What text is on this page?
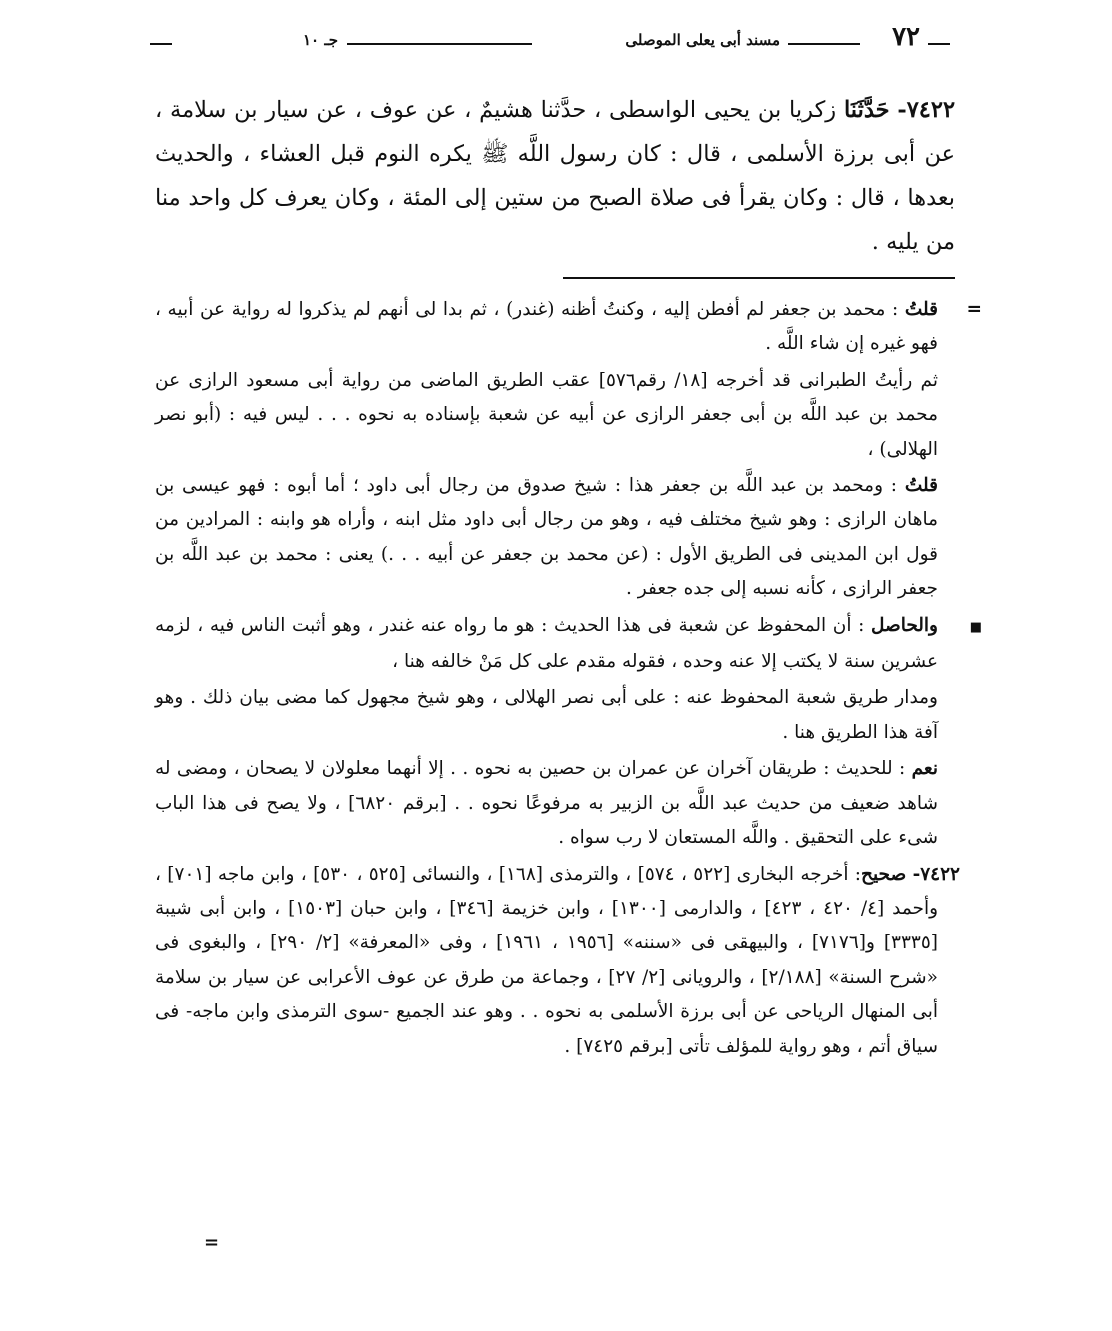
٧٢
مسند أبى يعلى الموصلى
جـ ١٠
٧٤٢٢- حَدَّثَنَا زكريا بن يحيى الواسطى ، حدَّثنا هشيمٌ ، عن عوف ، عن سيار بن سلامة ، عن أبى برزة الأسلمى ، قال : كان رسول اللَّه ﷺ يكره النوم قبل العشاء ، والحديث بعدها ، قال : وكان يقرأ فى صلاة الصبح من ستين إلى المئة ، وكان يعرف كل واحد منا من يليه .

=قلتُ : محمد بن جعفر لم أفطن إليه ، وكنتُ أظنه (غندر) ، ثم بدا لى أنهم لم يذكروا له رواية عن أبيه ، فهو غيره إن شاء اللَّه .

ثم رأيتُ الطبرانى قد أخرجه [١٨/ رقم٥٧٦] عقب الطريق الماضى من رواية أبى مسعود الرازى عن محمد بن عبد اللَّه بن أبى جعفر الرازى عن أبيه عن شعبة بإسناده به نحوه . . . ليس فيه : (أبو نصر الهلالى) ،

قلتُ : ومحمد بن عبد اللَّه بن جعفر هذا : شيخ صدوق من رجال أبى داود ؛ أما أبوه : فهو عيسى بن ماهان الرازى : وهو شيخ مختلف فيه ، وهو من رجال أبى داود مثل ابنه ، وأراه هو وابنه : المرادين من قول ابن المدينى فى الطريق الأول : (عن محمد بن جعفر عن أبيه . . .) يعنى : محمد بن عبد اللَّه بن جعفر الرازى ، كأنه نسبه إلى جده جعفر .

■والحاصل : أن المحفوظ عن شعبة فى هذا الحديث : هو ما رواه عنه غندر ، وهو أثبت الناس فيه ، لزمه عشرين سنة لا يكتب إلا عنه وحده ، فقوله مقدم على كل مَنْ خالفه هنا ،

ومدار طريق شعبة المحفوظ عنه : على أبى نصر الهلالى ، وهو شيخ مجهول كما مضى بيان ذلك . وهو آفة هذا الطريق هنا .

نعم : للحديث : طريقان آخران عن عمران بن حصين به نحوه . . إلا أنهما معلولان لا يصحان ، ومضى له شاهد ضعيف من حديث عبد اللَّه بن الزبير به مرفوعًا نحوه . . [برقم ٦٨٢٠] ، ولا يصح فى هذا الباب شىء على التحقيق . واللَّه المستعان لا رب سواه .

٧٤٢٢- صحيح: أخرجه البخارى [٥٢٢ ، ٥٧٤] ، والترمذى [١٦٨] ، والنسائى [٥٢٥ ، ٥٣٠] ، وابن ماجه [٧٠١] ، وأحمد [٤/ ٤٢٠ ، ٤٢٣] ، والدارمى [١٣٠٠] ، وابن خزيمة [٣٤٦] ، وابن حبان [١٥٠٣] ، وابن أبى شيبة [٣٣٣٥] و[٧١٧٦] ، والبيهقى فى «سننه» [١٩٥٦ ، ١٩٦١] ، وفى «المعرفة» [٢/ ٢٩٠] ، والبغوى فى «شرح السنة» [٢/١٨٨] ، والرويانى [٢/ ٢٧] ، وجماعة من طرق عن عوف الأعرابى عن سيار بن سلامة أبى المنهال الرياحى عن أبى برزة الأسلمى به نحوه . . وهو عند الجميع -سوى الترمذى وابن ماجه- فى سياق أتم ، وهو رواية للمؤلف تأتى [برقم ٧٤٢٥] .

=
